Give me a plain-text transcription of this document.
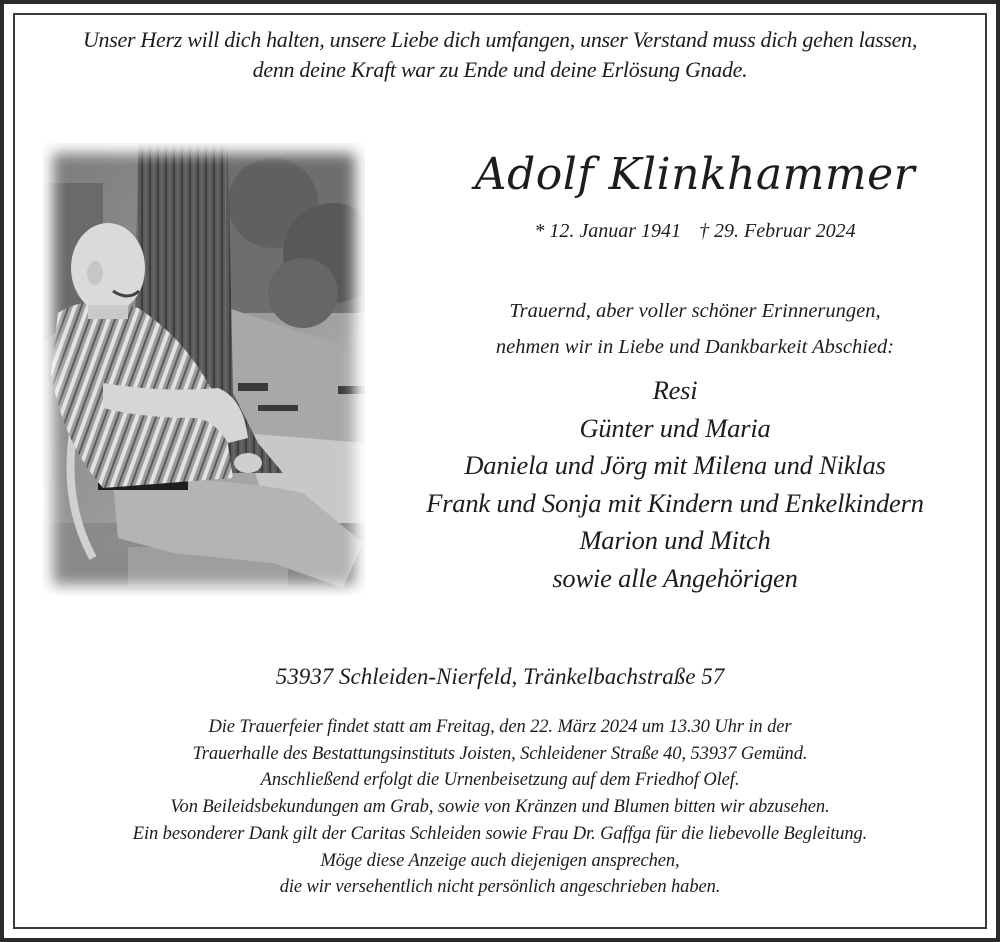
Unser Herz will dich halten, unsere Liebe dich umfangen, unser Verstand muss dich gehen lassen,
denn deine Kraft war zu Ende und deine Erlösung Gnade.
Adolf Klinkhammer
* 12. Januar 1941 † 29. Februar 2024
Trauernd, aber voller schöner Erinnerungen,
nehmen wir in Liebe und Dankbarkeit Abschied:
Resi
Günter und Maria
Daniela und Jörg mit Milena und Niklas
Frank und Sonja mit Kindern und Enkelkindern
Marion und Mitch
sowie alle Angehörigen
53937 Schleiden-Nierfeld, Tränkelbachstraße 57
Die Trauerfeier findet statt am Freitag, den 22. März 2024 um 13.30 Uhr in der
Trauerhalle des Bestattungsinstituts Joisten, Schleidener Straße 40, 53937 Gemünd.
Anschließend erfolgt die Urnenbeisetzung auf dem Friedhof Olef.
Von Beileidsbekundungen am Grab, sowie von Kränzen und Blumen bitten wir abzusehen.
Ein besonderer Dank gilt der Caritas Schleiden sowie Frau Dr. Gaffga für die liebevolle Begleitung.
Möge diese Anzeige auch diejenigen ansprechen,
die wir versehentlich nicht persönlich angeschrieben haben.
